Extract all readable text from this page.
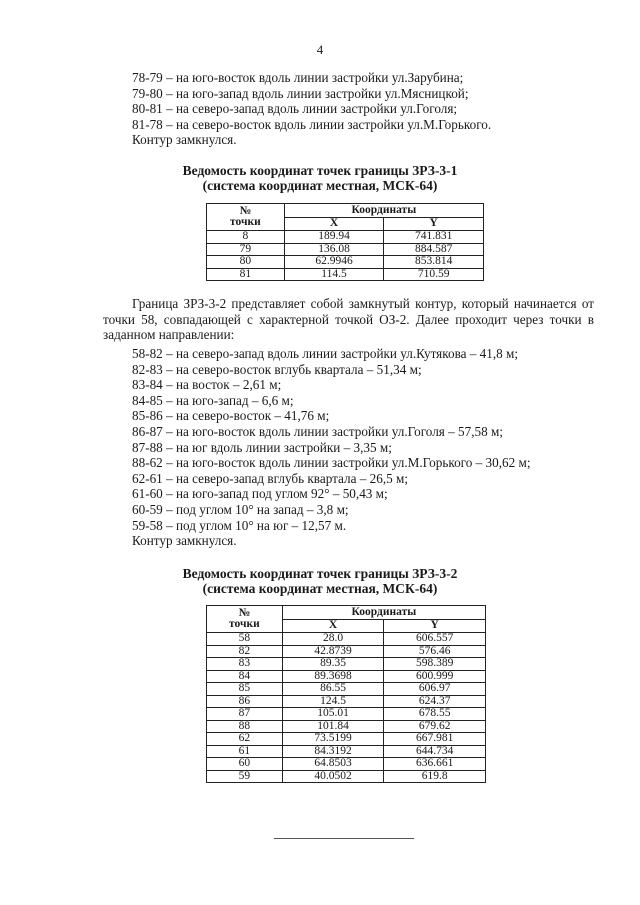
4
78-79 – на юго-восток вдоль линии застройки ул.Зарубина;
79-80 – на юго-запад вдоль линии застройки ул.Мясницкой;
80-81 – на северо-запад вдоль линии застройки ул.Гоголя;
81-78 – на северо-восток вдоль линии застройки ул.М.Горького.
Контур замкнулся.
Ведомость координат точек границы ЗРЗ-3-1
(система координат местная, МСК-64)
№
точки	Координаты	
	X	Y
8	189.94	741.831
79	136.08	884.587
80	62.9946	853.814
81	114.5	710.59
Граница ЗРЗ-3-2 представляет собой замкнутый контур, который начинается от точки 58, совпадающей с характерной точкой ОЗ-2. Далее проходит через точки в заданном направлении:
58-82 – на северо-запад вдоль линии застройки ул.Кутякова – 41,8 м;
82-83 – на северо-восток вглубь квартала – 51,34 м;
83-84 – на восток – 2,61 м;
84-85 – на юго-запад – 6,6 м;
85-86 – на северо-восток – 41,76 м;
86-87 – на юго-восток вдоль линии застройки ул.Гоголя – 57,58 м;
87-88 – на юг вдоль линии застройки – 3,35 м;
88-62 – на юго-восток вдоль линии застройки ул.М.Горького – 30,62 м;
62-61 – на северо-запад вглубь квартала – 26,5 м;
61-60 – на юго-запад под углом 92° – 50,43 м;
60-59 – под углом 10° на запад – 3,8 м;
59-58 – под углом 10° на юг – 12,57 м.
Контур замкнулся.
Ведомость координат точек границы ЗРЗ-3-2
(система координат местная, МСК-64)
№
точки	Координаты	
	X	Y
58	28.0	606.557
82	42.8739	576.46
83	89.35	598.389
84	89.3698	600.999
85	86.55	606.97
86	124.5	624.37
87	105.01	678.55
88	101.84	679.62
62	73.5199	667.981
61	84.3192	644.734
60	64.8503	636.661
59	40.0502	619.8
